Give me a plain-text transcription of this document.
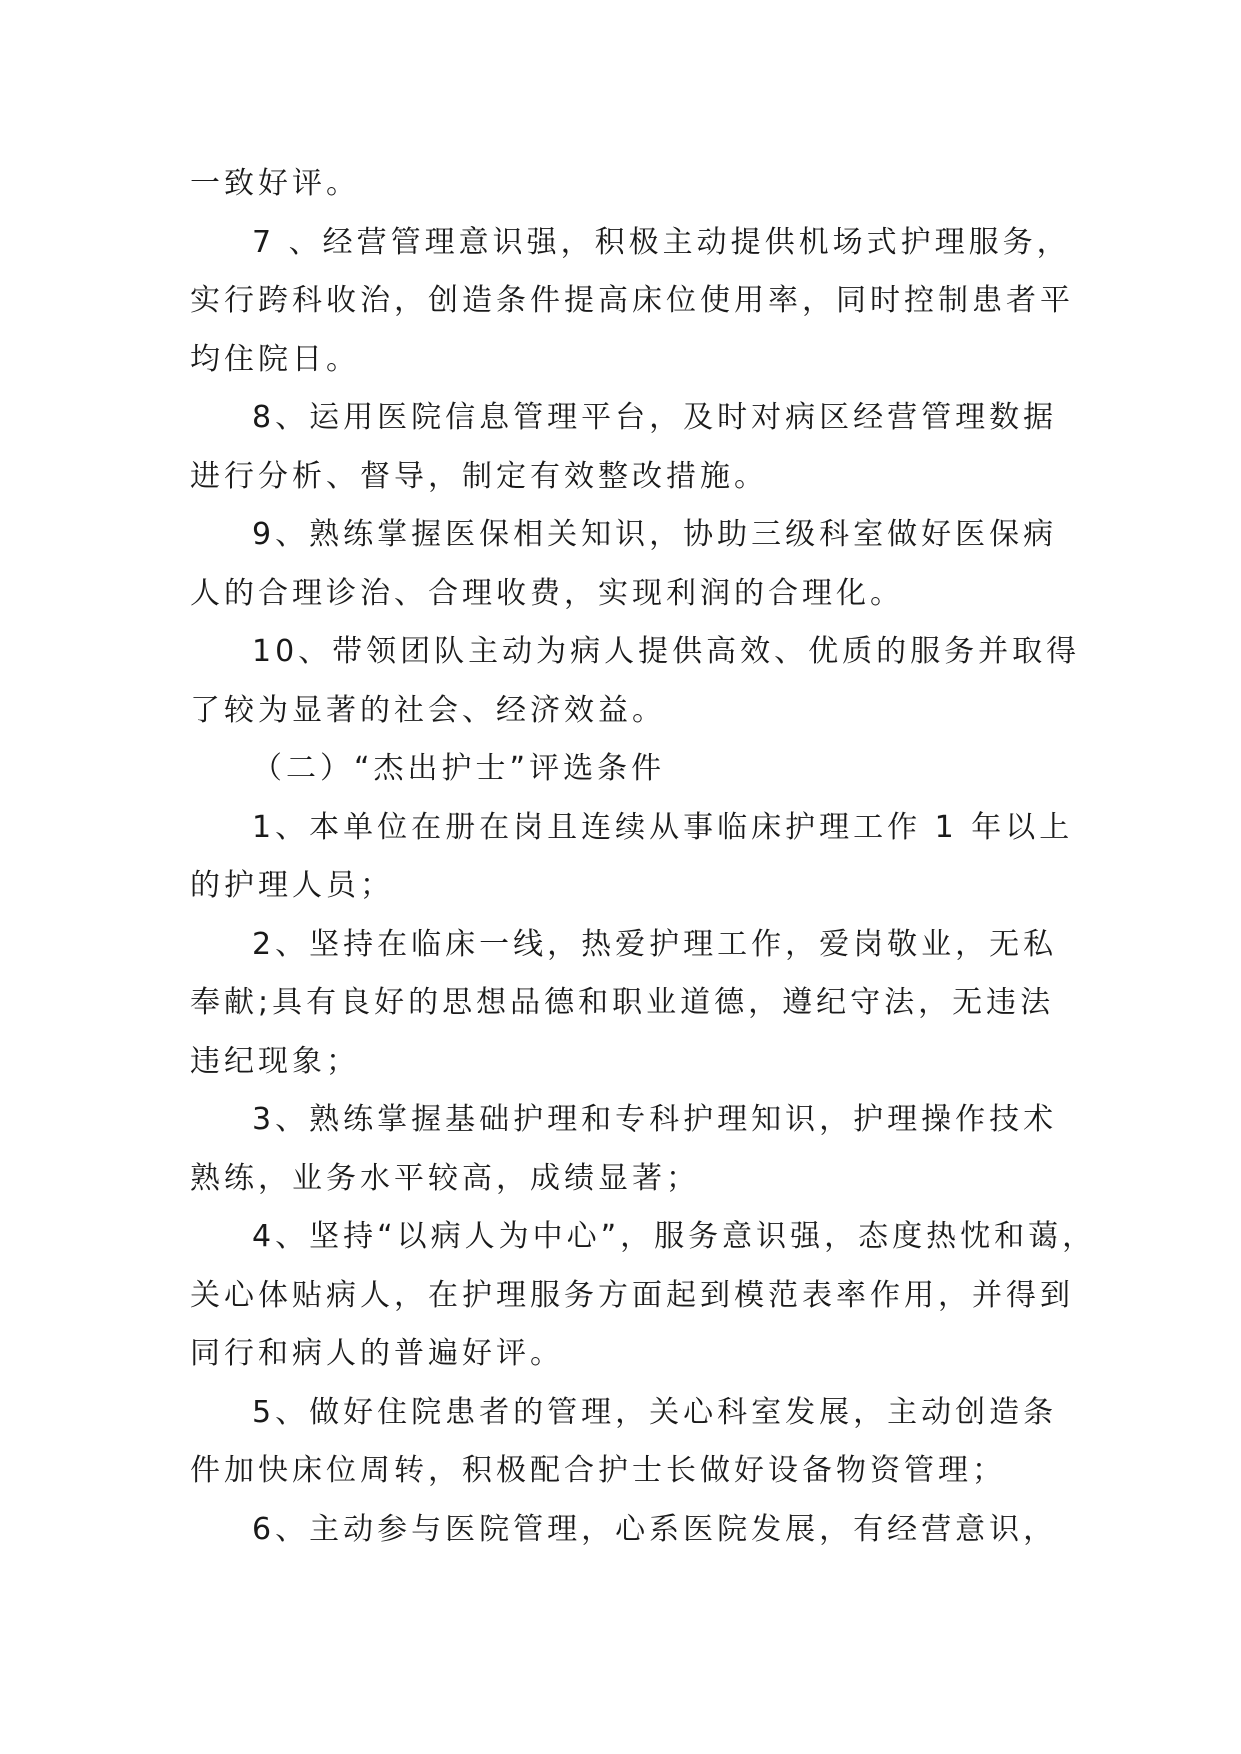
一致好评。
7 、经营管理意识强，积极主动提供机场式护理服务，
实行跨科收治，创造条件提高床位使用率，同时控制患者平
均住院日。
8、运用医院信息管理平台，及时对病区经营管理数据
进行分析、督导，制定有效整改措施。
9、熟练掌握医保相关知识，协助三级科室做好医保病
人的合理诊治、合理收费，实现利润的合理化。
10、带领团队主动为病人提供高效、优质的服务并取得
了较为显著的社会、经济效益。
（二）“杰出护士”评选条件
1、本单位在册在岗且连续从事临床护理工作 1 年以上
的护理人员；
2、坚持在临床一线，热爱护理工作，爱岗敬业，无私
奉献;具有良好的思想品德和职业道德，遵纪守法，无违法
违纪现象；
3、熟练掌握基础护理和专科护理知识，护理操作技术
熟练，业务水平较高，成绩显著；
4、坚持“以病人为中心”，服务意识强，态度热忱和蔼，
关心体贴病人，在护理服务方面起到模范表率作用，并得到
同行和病人的普遍好评。
5、做好住院患者的管理，关心科室发展，主动创造条
件加快床位周转，积极配合护士长做好设备物资管理；
6、主动参与医院管理，心系医院发展，有经营意识，
